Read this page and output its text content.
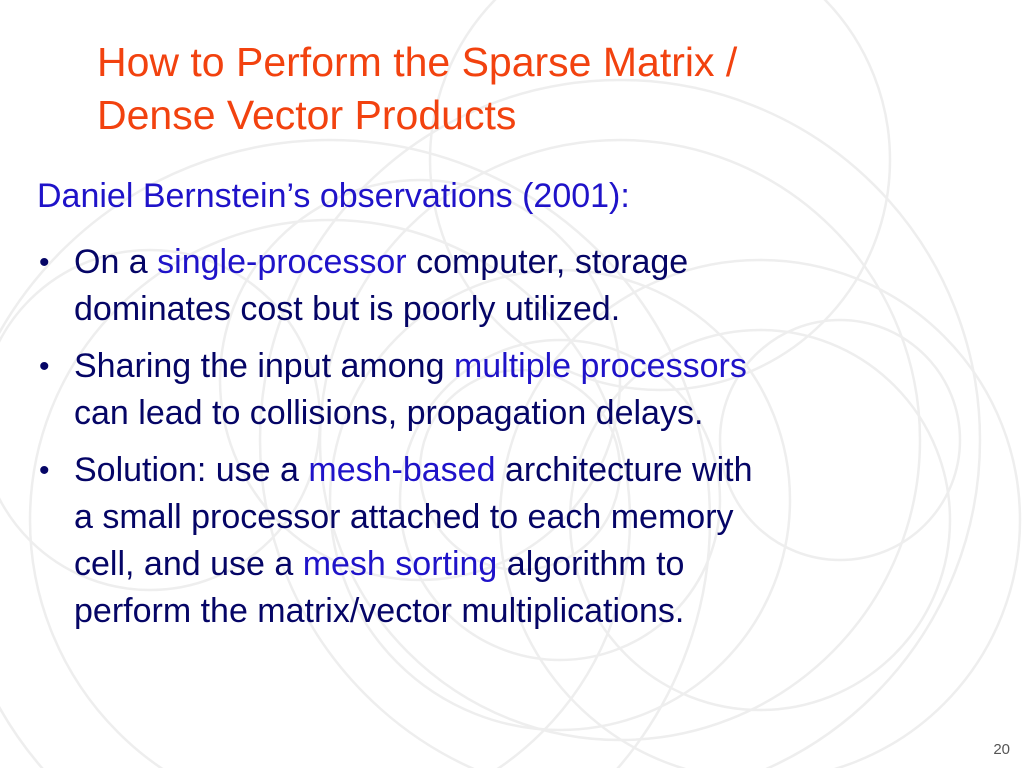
How to Perform the Sparse Matrix /
Dense Vector Products

Daniel Bernstein’s observations (2001):

• On a single-processor computer, storage
dominates cost but is poorly utilized.
• Sharing the input among multiple processors
can lead to collisions, propagation delays.
• Solution: use a mesh-based architecture with
a small processor attached to each memory
cell, and use a mesh sorting algorithm to
perform the matrix/vector multiplications.
20
